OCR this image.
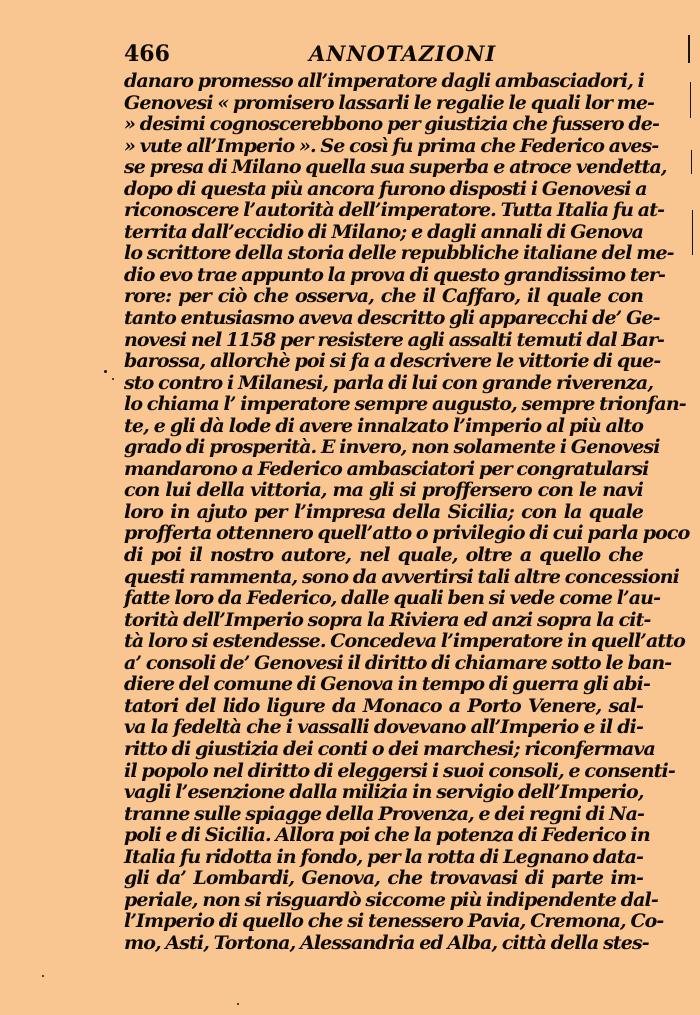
466	ANNOTAZIONI
danaro promesso all’imperatore dagli ambasciadori, i
Genovesi « promisero lassarli le regalie le quali lor me-
» desimi cognoscerebbono per giustizia che fussero de-
» vute all’Imperio ». Se così fu prima che Federico aves-
se presa di Milano quella sua superba e atroce vendetta,
dopo di questa più ancora furono disposti i Genovesi a
riconoscere l’autorità dell’imperatore. Tutta Italia fu at-
territa dall’eccidio di Milano; e dagli annali di Genova
lo scrittore della storia delle repubbliche italiane del me-
dio evo trae appunto la prova di questo grandissimo ter-
rore: per ciò che osserva, che il Caffaro, il quale con
tanto entusiasmo aveva descritto gli apparecchi de’ Ge-
novesi nel 1158 per resistere agli assalti temuti dal Bar-
barossa, allorchè poi si fa a descrivere le vittorie di que-
sto contro i Milanesi, parla di lui con grande riverenza,
lo chiama l’ imperatore sempre augusto, sempre trionfan-
te, e gli dà lode di avere innalzato l’imperio al più alto
grado di prosperità. E invero, non solamente i Genovesi
mandarono a Federico ambasciatori per congratularsi
con lui della vittoria, ma gli si proffersero con le navi
loro in ajuto per l’impresa della Sicilia; con la quale
profferta ottennero quell’atto o privilegio di cui parla poco
di poi il nostro autore, nel quale, oltre a quello che
questi rammenta, sono da avvertirsi tali altre concessioni
fatte loro da Federico, dalle quali ben si vede come l’au-
torità dell’Imperio sopra la Riviera ed anzi sopra la cit-
tà loro si estendesse. Concedeva l’imperatore in quell’atto
a’ consoli de’ Genovesi il diritto di chiamare sotto le ban-
diere del comune di Genova in tempo di guerra gli abi-
tatori del lido ligure da Monaco a Porto Venere, sal-
va la fedeltà che i vassalli dovevano all’Imperio e il di-
ritto di giustizia dei conti o dei marchesi; riconfermava
il popolo nel diritto di eleggersi i suoi consoli, e consenti-
vagli l’esenzione dalla milizia in servigio dell’Imperio,
tranne sulle spiagge della Provenza, e dei regni di Na-
poli e di Sicilia. Allora poi che la potenza di Federico in
Italia fu ridotta in fondo, per la rotta di Legnano data-
gli da’ Lombardi, Genova, che trovavasi di parte im-
periale, non si risguardò siccome più indipendente dal-
l’Imperio di quello che si tenessero Pavia, Cremona, Co-
mo, Asti, Tortona, Alessandria ed Alba, città della stes-
